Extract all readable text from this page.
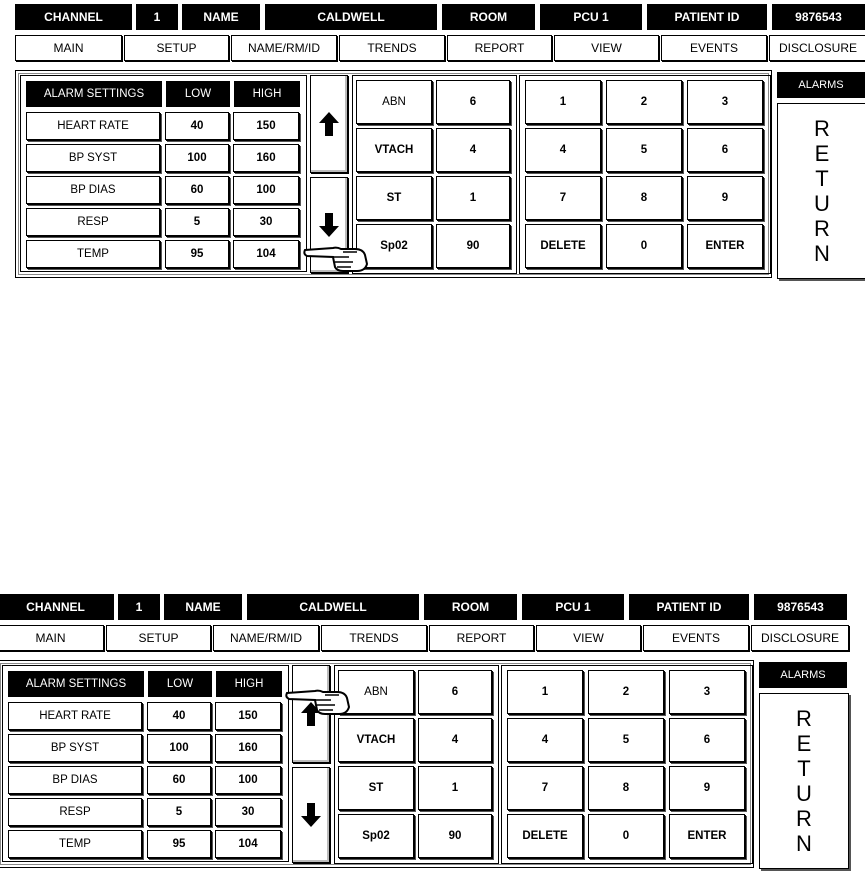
CHANNEL	1	NAME	CALDWELL	ROOM	PCU 1	PATIENT ID	9876543
MAIN	SETUP	NAME/RM/ID	TRENDS	REPORT	VIEW	EVENTS	DISCLOSURE
ALARM SETTINGS	LOW	HIGH
HEART RATE	40	150
BP SYST	100	160
BP DIAS	60	100
RESP	5	30
TEMP	95	104
ABN	6
VTACH	4
ST	1
Sp02	90
1	2	3
4	5	6
7	8	9
DELETE	0	ENTER
ALARMS
RETURN
CHANNEL	1	NAME	CALDWELL	ROOM	PCU 1	PATIENT ID	9876543
MAIN	SETUP	NAME/RM/ID	TRENDS	REPORT	VIEW	EVENTS	DISCLOSURE
ALARM SETTINGS	LOW	HIGH
HEART RATE	40	150
BP SYST	100	160
BP DIAS	60	100
RESP	5	30
TEMP	95	104
ABN	6
VTACH	4
ST	1
Sp02	90
1	2	3
4	5	6
7	8	9
DELETE	0	ENTER
ALARMS
RETURN
